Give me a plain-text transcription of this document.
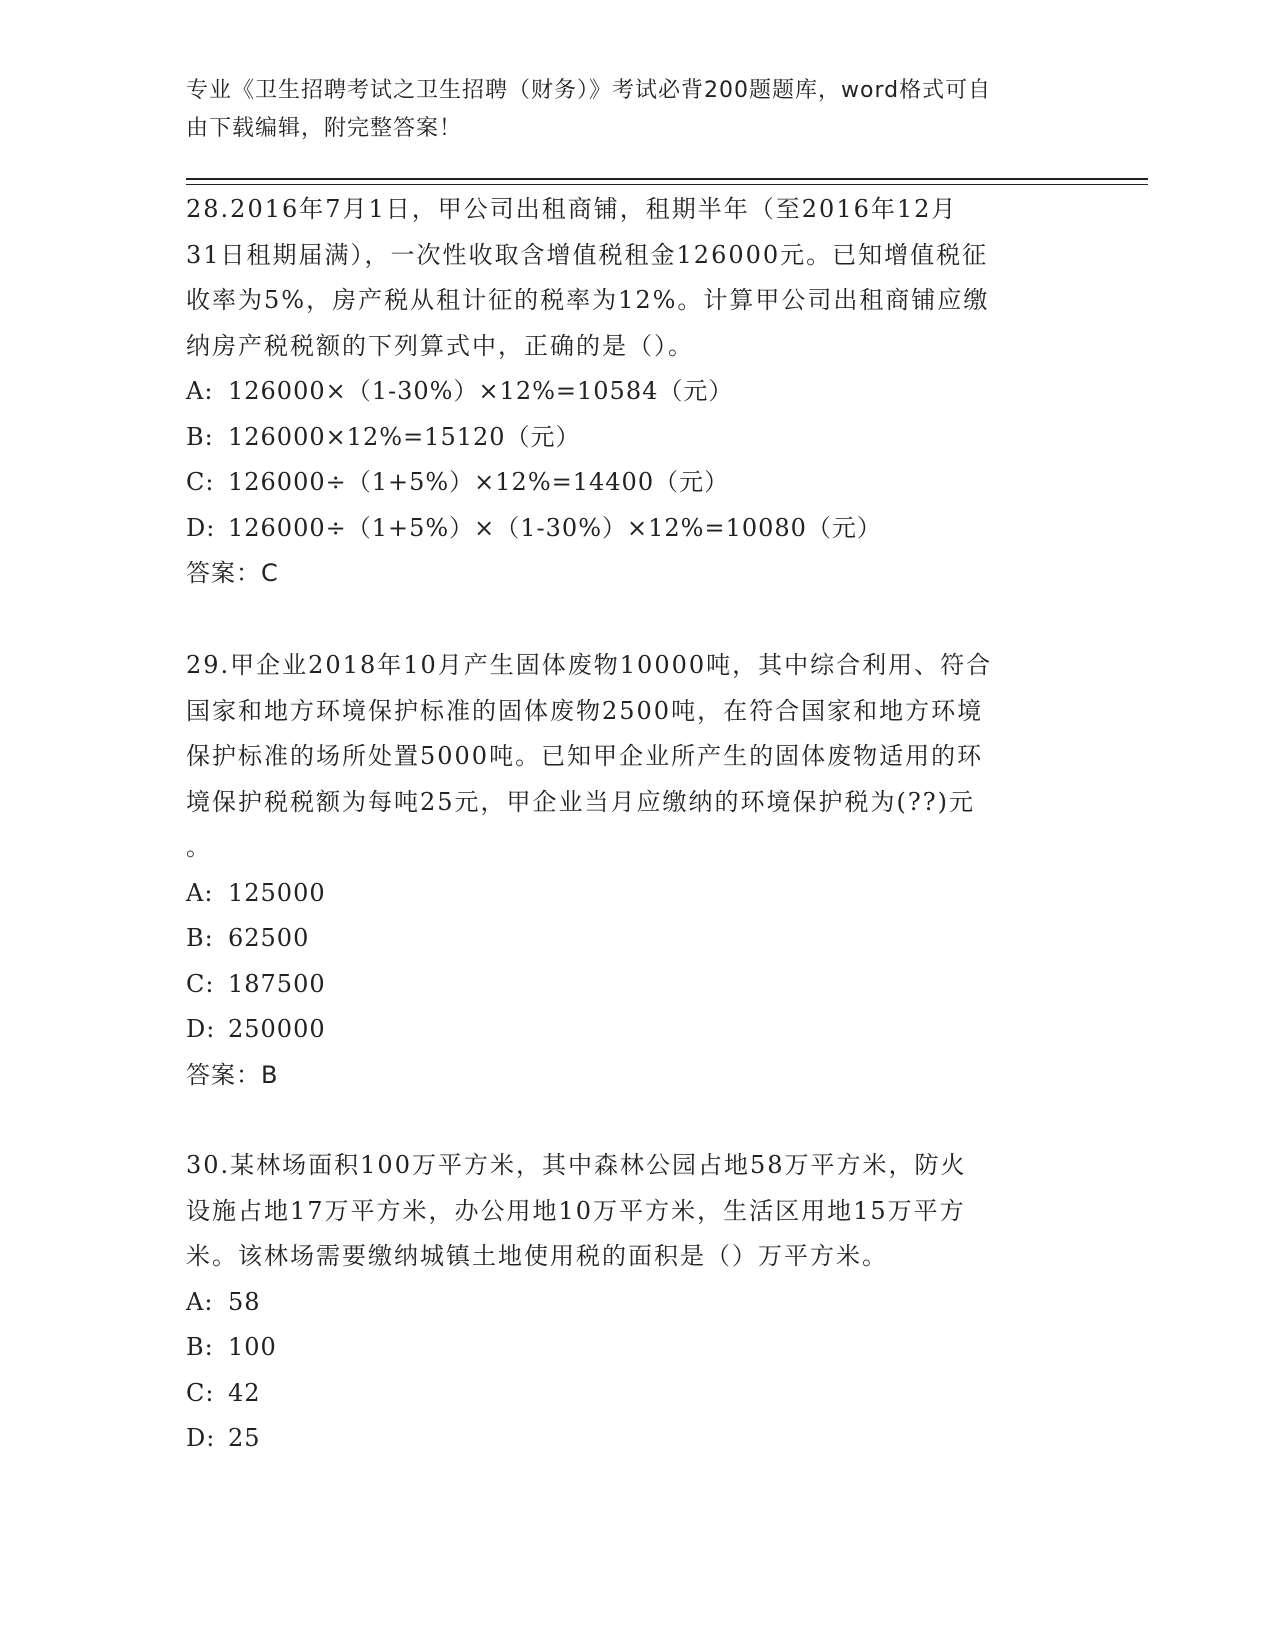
专业《卫生招聘考试之卫生招聘（财务）》考试必背200题题库，word格式可自
由下载编辑，附完整答案！

28.2016年7月1日，甲公司出租商铺，租期半年（至2016年12月
31日租期届满），一次性收取含增值税租金126000元。已知增值税征
收率为5%，房产税从租计征的税率为12%。计算甲公司出租商铺应缴
纳房产税税额的下列算式中，正确的是（）。

A: 126000×（1-30%）×12%=10584（元）

B: 126000×12%=15120（元）

C: 126000÷（1+5%）×12%=14400（元）

D: 126000÷（1+5%）×（1-30%）×12%=10080（元）

答案：C

29.甲企业2018年10月产生固体废物10000吨，其中综合利用、符合
国家和地方环境保护标准的固体废物2500吨，在符合国家和地方环境
保护标准的场所处置5000吨。已知甲企业所产生的固体废物适用的环
境保护税税额为每吨25元，甲企业当月应缴纳的环境保护税为(??)元
。

A: 125000

B: 62500

C: 187500

D: 250000

答案：B

30.某林场面积100万平方米，其中森林公园占地58万平方米，防火
设施占地17万平方米，办公用地10万平方米，生活区用地15万平方
米。该林场需要缴纳城镇土地使用税的面积是（）万平方米。

A: 58

B: 100

C: 42

D: 25
